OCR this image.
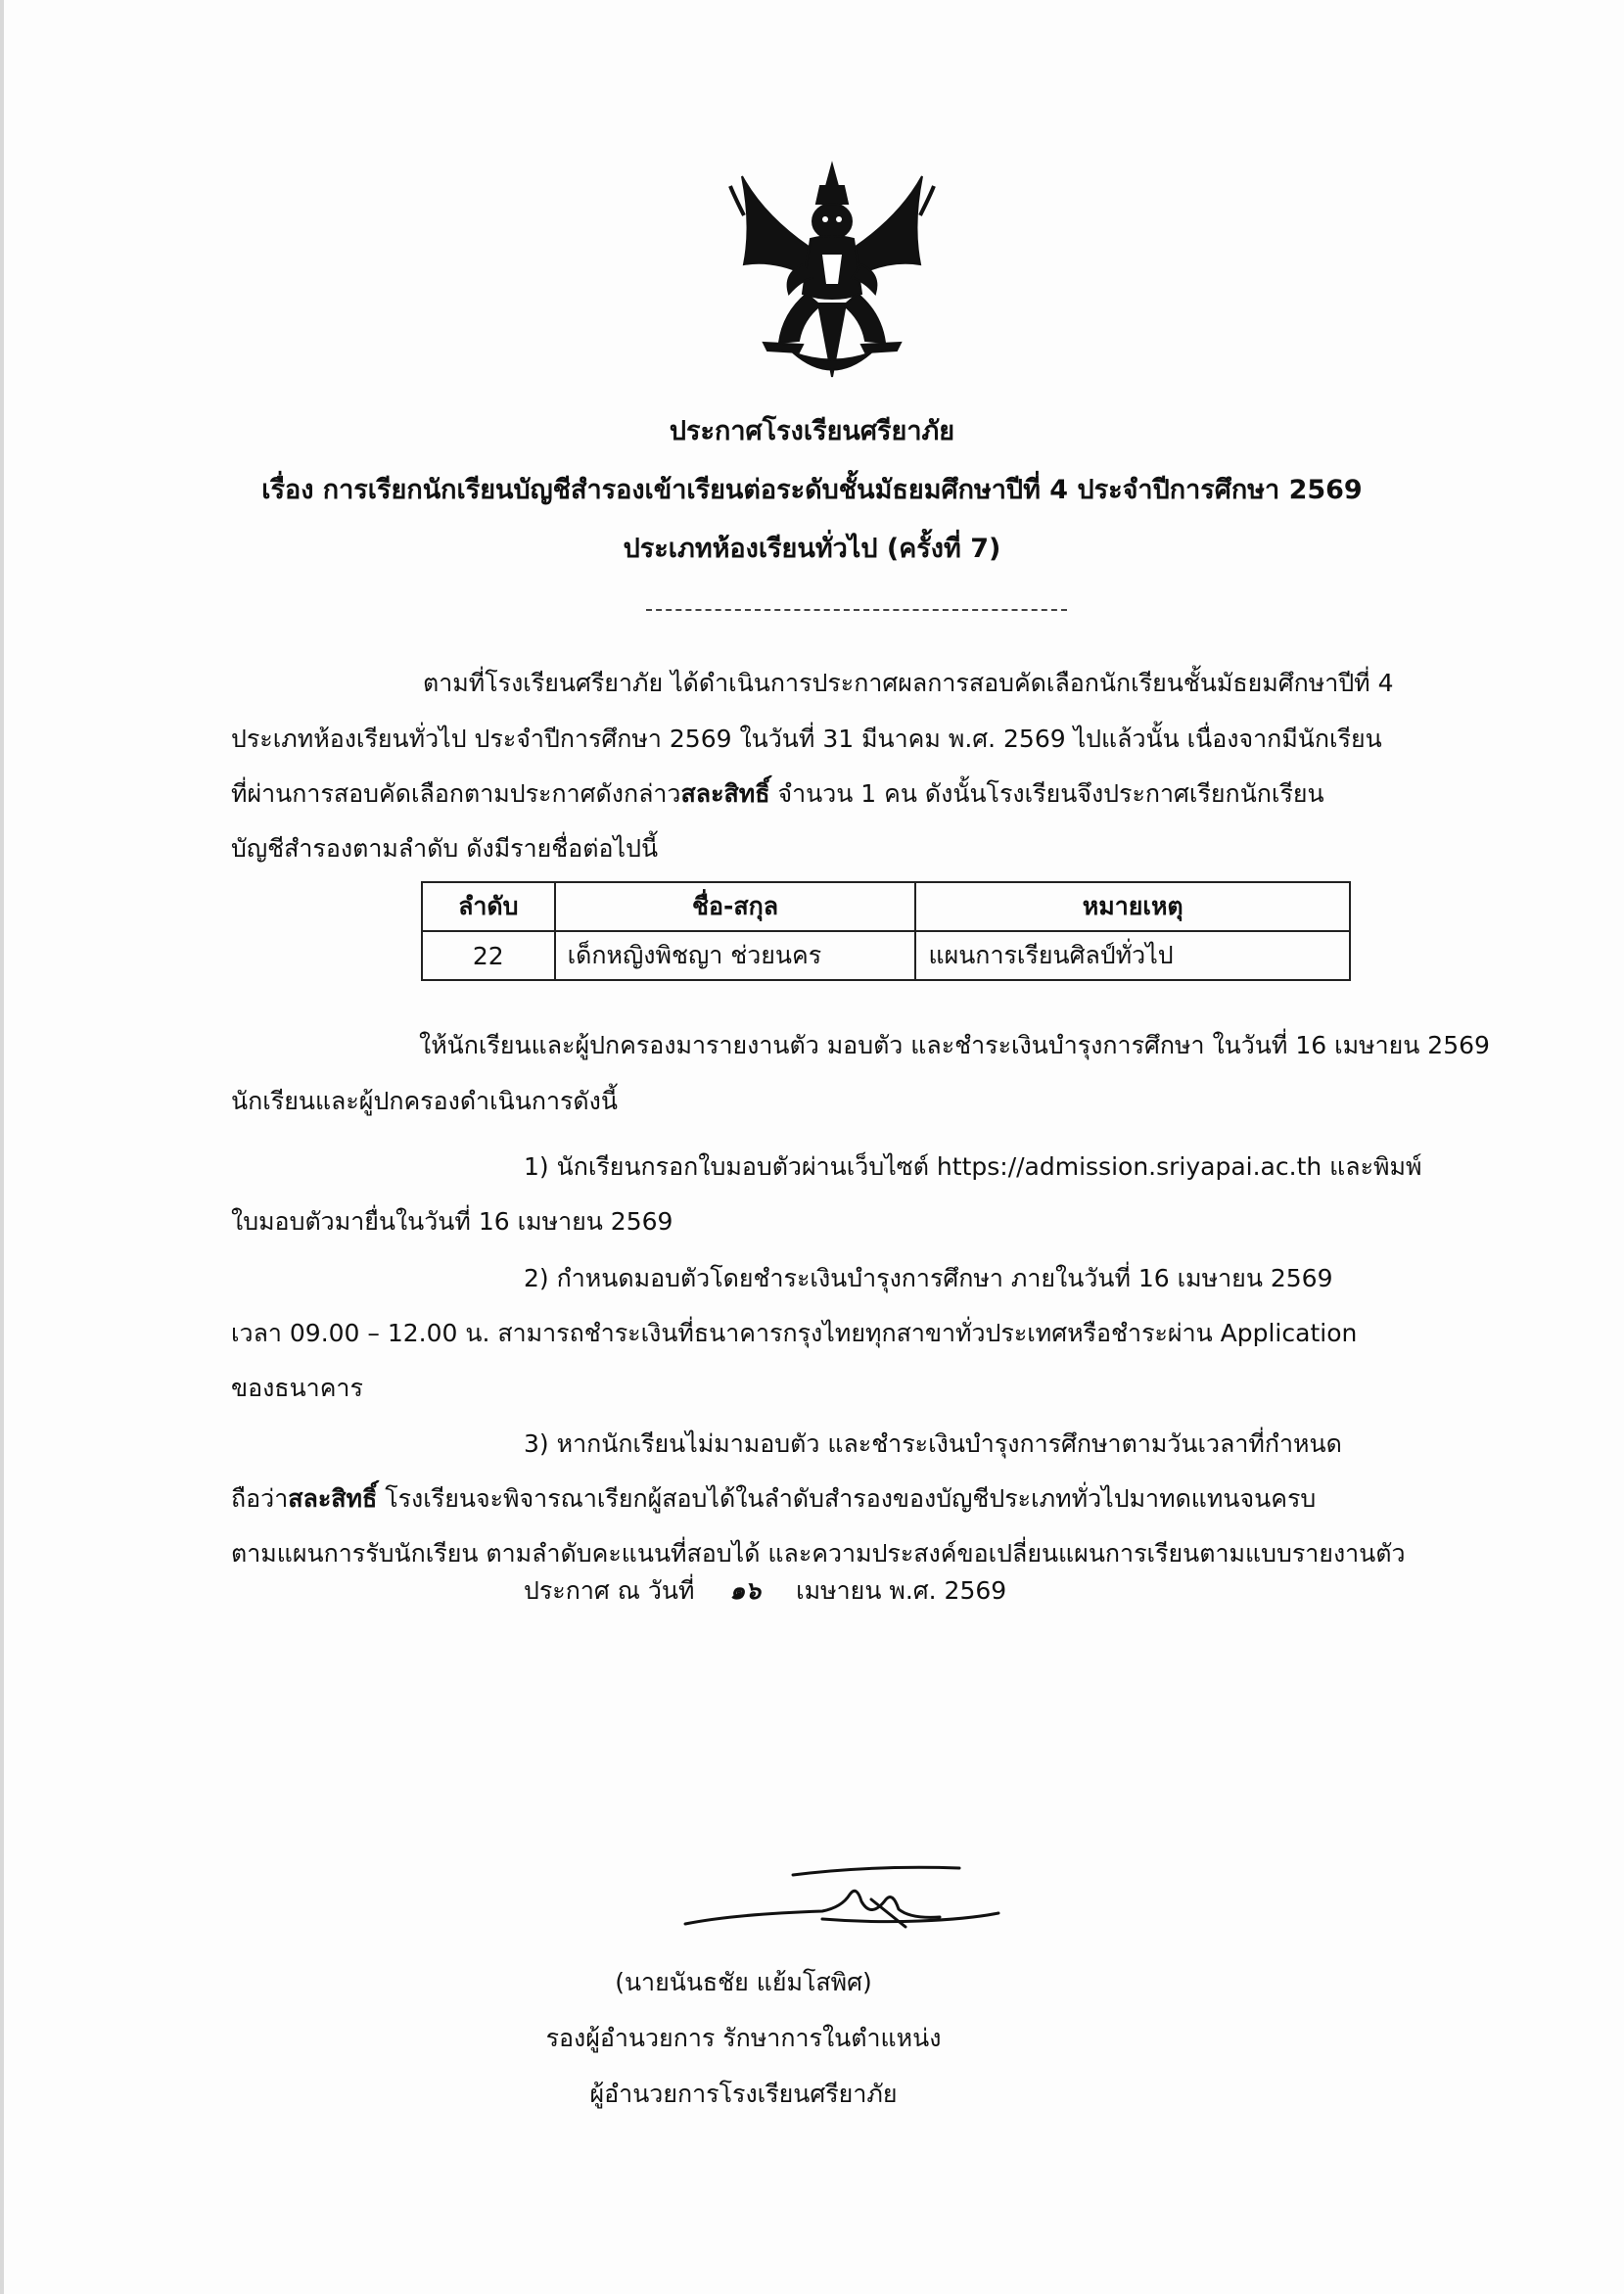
ประกาศโรงเรียนศรียาภัย
เรื่อง การเรียกนักเรียนบัญชีสำรองเข้าเรียนต่อระดับชั้นมัธยมศึกษาปีที่ 4 ประจำปีการศึกษา 2569
ประเภทห้องเรียนทั่วไป (ครั้งที่ 7)
ตามที่โรงเรียนศรียาภัย ได้ดำเนินการประกาศผลการสอบคัดเลือกนักเรียนชั้นมัธยมศึกษาปีที่ 4
ประเภทห้องเรียนทั่วไป ประจำปีการศึกษา 2569 ในวันที่ 31 มีนาคม พ.ศ. 2569 ไปแล้วนั้น เนื่องจากมีนักเรียน
ที่ผ่านการสอบคัดเลือกตามประกาศดังกล่าวสละสิทธิ์ จำนวน 1 คน ดังนั้นโรงเรียนจึงประกาศเรียกนักเรียน
บัญชีสำรองตามลำดับ ดังมีรายชื่อต่อไปนี้
ลำดับ	ชื่อ-สกุล	หมายเหตุ
22	เด็กหญิงพิชญา ช่วยนคร	แผนการเรียนศิลป์ทั่วไป
ให้นักเรียนและผู้ปกครองมารายงานตัว มอบตัว และชำระเงินบำรุงการศึกษา ในวันที่ 16 เมษายน 2569
นักเรียนและผู้ปกครองดำเนินการดังนี้
1) นักเรียนกรอกใบมอบตัวผ่านเว็บไซต์ https://admission.sriyapai.ac.th และพิมพ์
ใบมอบตัวมายื่นในวันที่ 16 เมษายน 2569
2) กำหนดมอบตัวโดยชำระเงินบำรุงการศึกษา ภายในวันที่ 16 เมษายน 2569
เวลา 09.00 – 12.00 น. สามารถชำระเงินที่ธนาคารกรุงไทยทุกสาขาทั่วประเทศหรือชำระผ่าน Application
ของธนาคาร
3) หากนักเรียนไม่มามอบตัว และชำระเงินบำรุงการศึกษาตามวันเวลาที่กำหนด
ถือว่าสละสิทธิ์ โรงเรียนจะพิจารณาเรียกผู้สอบได้ในลำดับสำรองของบัญชีประเภททั่วไปมาทดแทนจนครบ
ตามแผนการรับนักเรียน ตามลำดับคะแนนที่สอบได้ และความประสงค์ขอเปลี่ยนแผนการเรียนตามแบบรายงานตัว
ประกาศ ณ วันที่ ๑๖ เมษายน พ.ศ. 2569
(นายนันธชัย แย้มโสพิศ)
รองผู้อำนวยการ รักษาการในตำแหน่ง
ผู้อำนวยการโรงเรียนศรียาภัย
